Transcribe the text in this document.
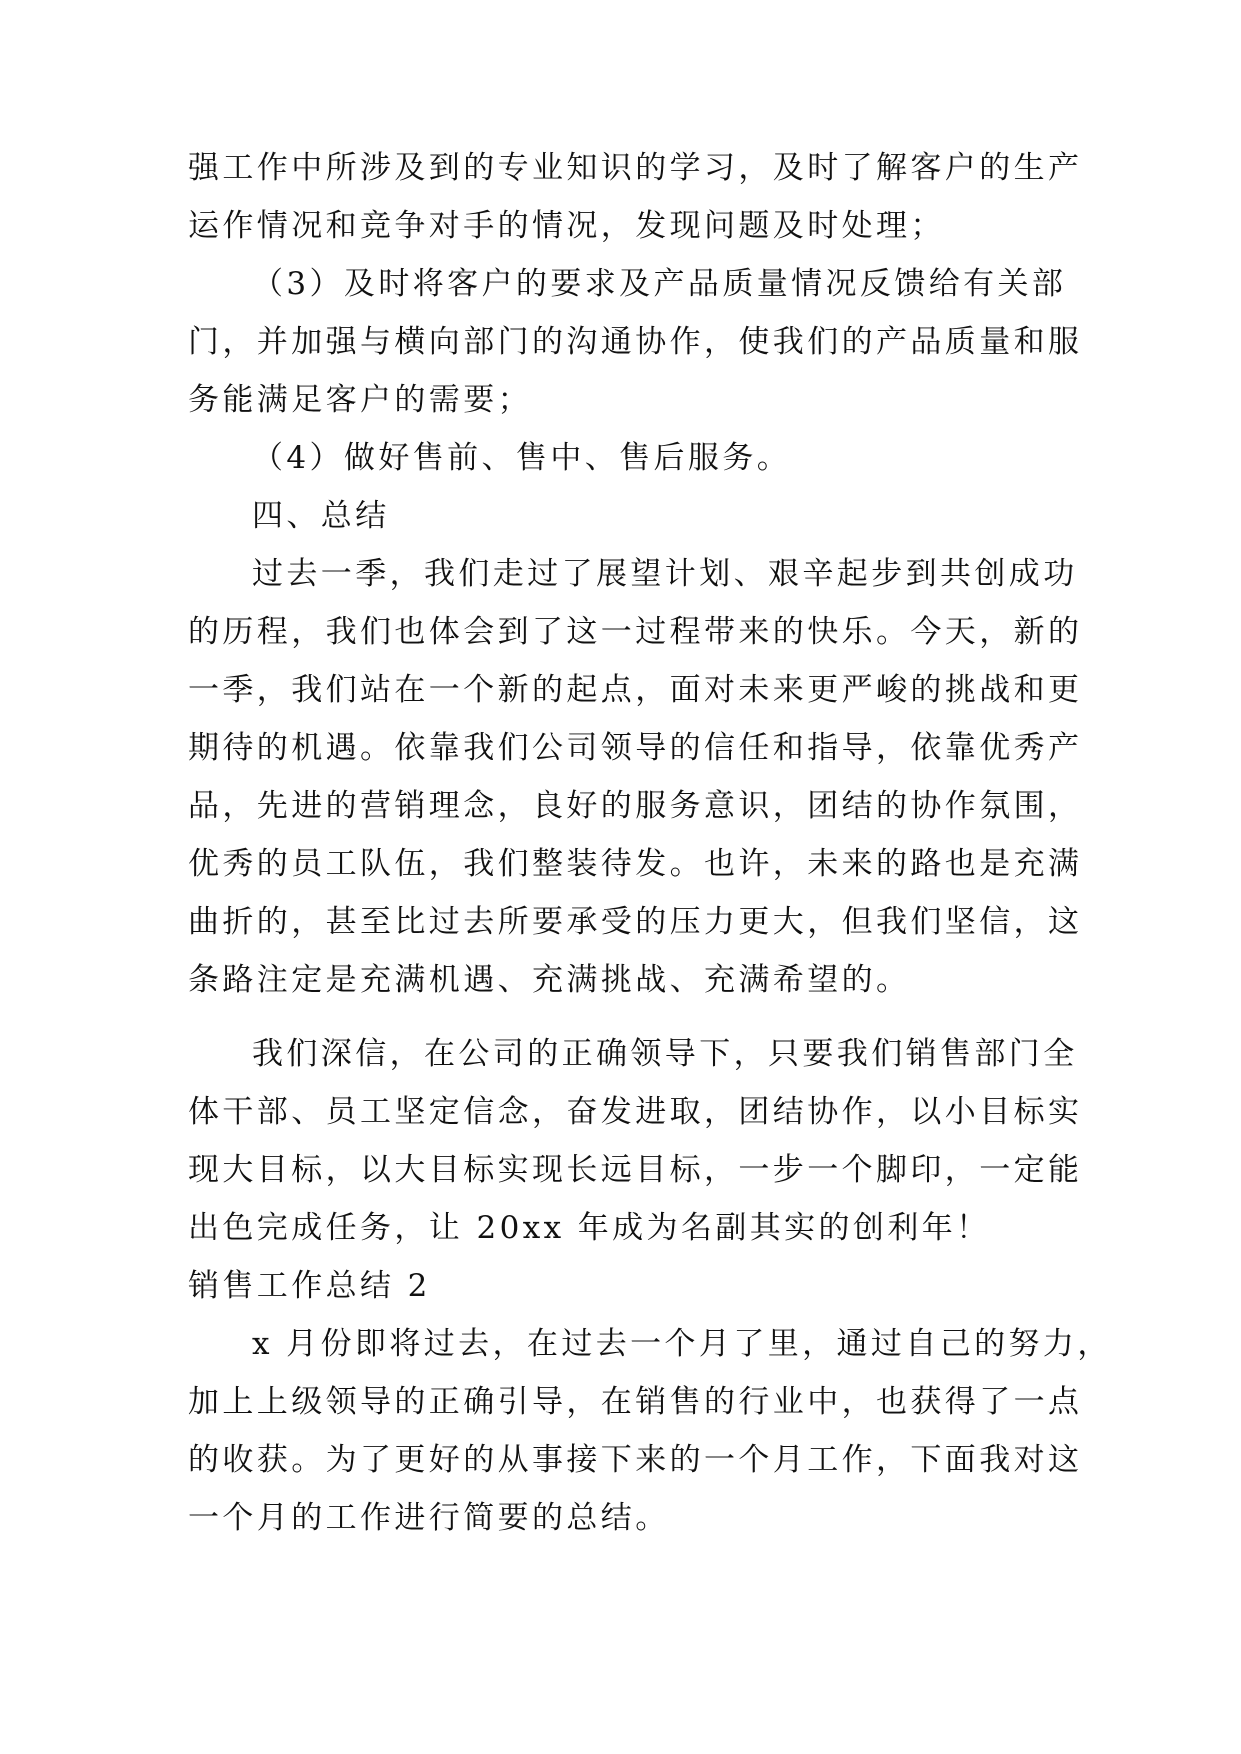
强工作中所涉及到的专业知识的学习，及时了解客户的生产
运作情况和竞争对手的情况，发现问题及时处理；
（3）及时将客户的要求及产品质量情况反馈给有关部
门，并加强与横向部门的沟通协作，使我们的产品质量和服
务能满足客户的需要；
（4）做好售前、售中、售后服务。
四、总结
过去一季，我们走过了展望计划、艰辛起步到共创成功
的历程，我们也体会到了这一过程带来的快乐。今天，新的
一季，我们站在一个新的起点，面对未来更严峻的挑战和更
期待的机遇。依靠我们公司领导的信任和指导，依靠优秀产
品，先进的营销理念，良好的服务意识，团结的协作氛围，
优秀的员工队伍，我们整装待发。也许，未来的路也是充满
曲折的，甚至比过去所要承受的压力更大，但我们坚信，这
条路注定是充满机遇、充满挑战、充满希望的。
我们深信，在公司的正确领导下，只要我们销售部门全
体干部、员工坚定信念，奋发进取，团结协作，以小目标实
现大目标，以大目标实现长远目标，一步一个脚印，一定能
出色完成任务，让 20xx 年成为名副其实的创利年！
销售工作总结 2
x 月份即将过去，在过去一个月了里，通过自己的努力，
加上上级领导的正确引导，在销售的行业中，也获得了一点
的收获。为了更好的从事接下来的一个月工作，下面我对这
一个月的工作进行简要的总结。
